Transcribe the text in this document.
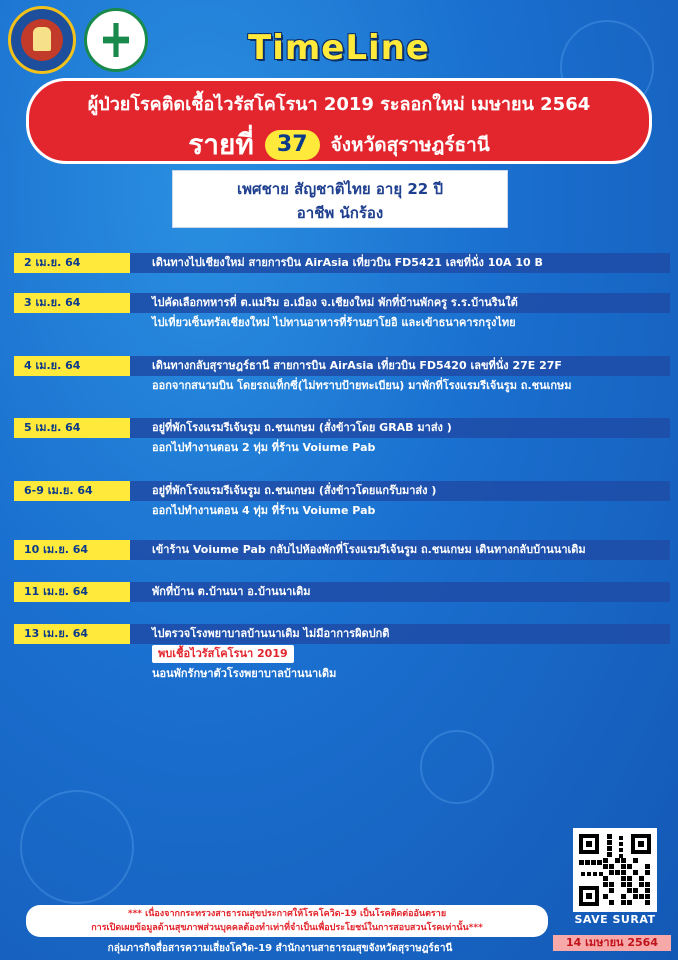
TimeLine
ผู้ป่วยโรคติดเชื้อไวรัสโคโรนา 2019 ระลอกใหม่ เมษายน 2564
รายที่ 37 จังหวัดสุราษฎร์ธานี
เพศชาย สัญชาติไทย อายุ 22 ปี
อาชีพ นักร้อง
2 เม.ย. 64	เดินทางไปเชียงใหม่ สายการบิน AirAsia เที่ยวบิน FD5421 เลขที่นั่ง 10A 10 B
3 เม.ย. 64	ไปคัดเลือกทหารที่ ต.แม่ริม อ.เมือง จ.เชียงใหม่ พักที่บ้านพักครู ร.ร.บ้านรินใต้
ไปเที่ยวเซ็นทรัลเชียงใหม่ ไปทานอาหารที่ร้านยาโยอิ และเข้าธนาคารกรุงไทย
4 เม.ย. 64	เดินทางกลับสุราษฎร์ธานี สายการบิน AirAsia เที่ยวบิน FD5420 เลขที่นั่ง 27E 27F
ออกจากสนามบิน โดยรถแท็กซี่(ไม่ทราบป้ายทะเบียน) มาพักที่โรงแรมรีเจ้นรูม ถ.ชนเกษม
5 เม.ย. 64	อยู่ที่พักโรงแรมรีเจ้นรูม ถ.ชนเกษม (สั่งข้าวโดย GRAB มาส่ง )
ออกไปทำงานตอน 2 ทุ่ม ที่ร้าน Voiume Pab
6-9 เม.ย. 64	อยู่ที่พักโรงแรมรีเจ้นรูม ถ.ชนเกษม (สั่งข้าวโดยแกร๊บมาส่ง )
ออกไปทำงานตอน 4 ทุ่ม ที่ร้าน Voiume Pab
10 เม.ย. 64	เข้าร้าน Voiume Pab กลับไปห้องพักที่โรงแรมรีเจ้นรูม ถ.ชนเกษม เดินทางกลับบ้านนาเดิม
11 เม.ย. 64	พักที่บ้าน ต.บ้านนา อ.บ้านนาเดิม
13 เม.ย. 64	ไปตรวจโรงพยาบาลบ้านนาเดิม ไม่มีอาการผิดปกติ
พบเชื้อไวรัสโคโรนา 2019
นอนพักรักษาตัวโรงพยาบาลบ้านนาเดิม
*** เนื่องจากกระทรวงสาธารณสุขประกาศให้โรคโควิด-19 เป็นโรคติดต่ออันตราย
การเปิดเผยข้อมูลด้านสุขภาพส่วนบุคคลต้องทำเท่าที่จำเป็นเพื่อประโยชน์ในการสอบสวนโรคเท่านั้น***
กลุ่มภารกิจสื่อสารความเสี่ยงโควิด-19 สำนักงานสาธารณสุขจังหวัดสุราษฎร์ธานี
SAVE SURAT
14 เมษายน 2564
